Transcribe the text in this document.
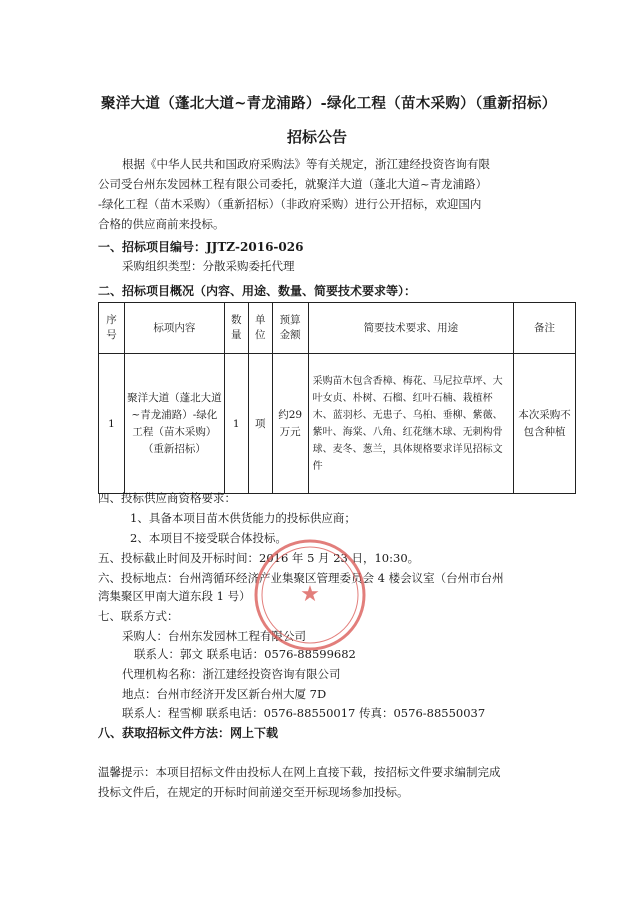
聚洋大道（蓬北大道~青龙浦路）-绿化工程（苗木采购）（重新招标）
招标公告
根据《中华人民共和国政府采购法》等有关规定，浙江建经投资咨询有限
公司受台州东发园林工程有限公司委托，就聚洋大道（蓬北大道~青龙浦路）
-绿化工程（苗木采购）（重新招标）（非政府采购）进行公开招标，欢迎国内
合格的供应商前来投标。
一、招标项目编号：JJTZ-2016-026
采购组织类型：分散采购委托代理
二、招标项目概况（内容、用途、数量、简要技术要求等）：
序号	标项内容	数量	单位	预算金额	简要技术要求、用途	备注
1	聚洋大道（蓬北大道~青龙浦路）-绿化工程（苗木采购）（重新招标）	1	项	约29万元	采购苗木包含香樟、梅花、马尼拉草坪、大叶女贞、朴树、石榴、红叶石楠、栽植杯木、蓝羽杉、无患子、乌桕、垂柳、紫薇、紫叶、海棠、八角、红花继木球、无刺构骨球、麦冬、葱兰，具体规格要求详见招标文件	本次采购不包含种植
四、投标供应商资格要求：
1、具备本项目苗木供货能力的投标供应商；
2、本项目不接受联合体投标。
五、投标截止时间及开标时间：2016 年 5 月 23 日，10:30。
六、投标地点：台州湾循环经济产业集聚区管理委员会 4 楼会议室（台州市台州
湾集聚区甲南大道东段 1 号）
七、联系方式：
采购人：台州东发园林工程有限公司
联系人：郭文 联系电话：0576-88599682
代理机构名称：浙江建经投资咨询有限公司
地点：台州市经济开发区新台州大厦 7D
联系人：程雪柳 联系电话：0576-88550017 传真：0576-88550037
八、获取招标文件方法：网上下载
温馨提示：本项目招标文件由投标人在网上直接下载，按招标文件要求编制完成
投标文件后，在规定的开标时间前递交至开标现场参加投标。
★
